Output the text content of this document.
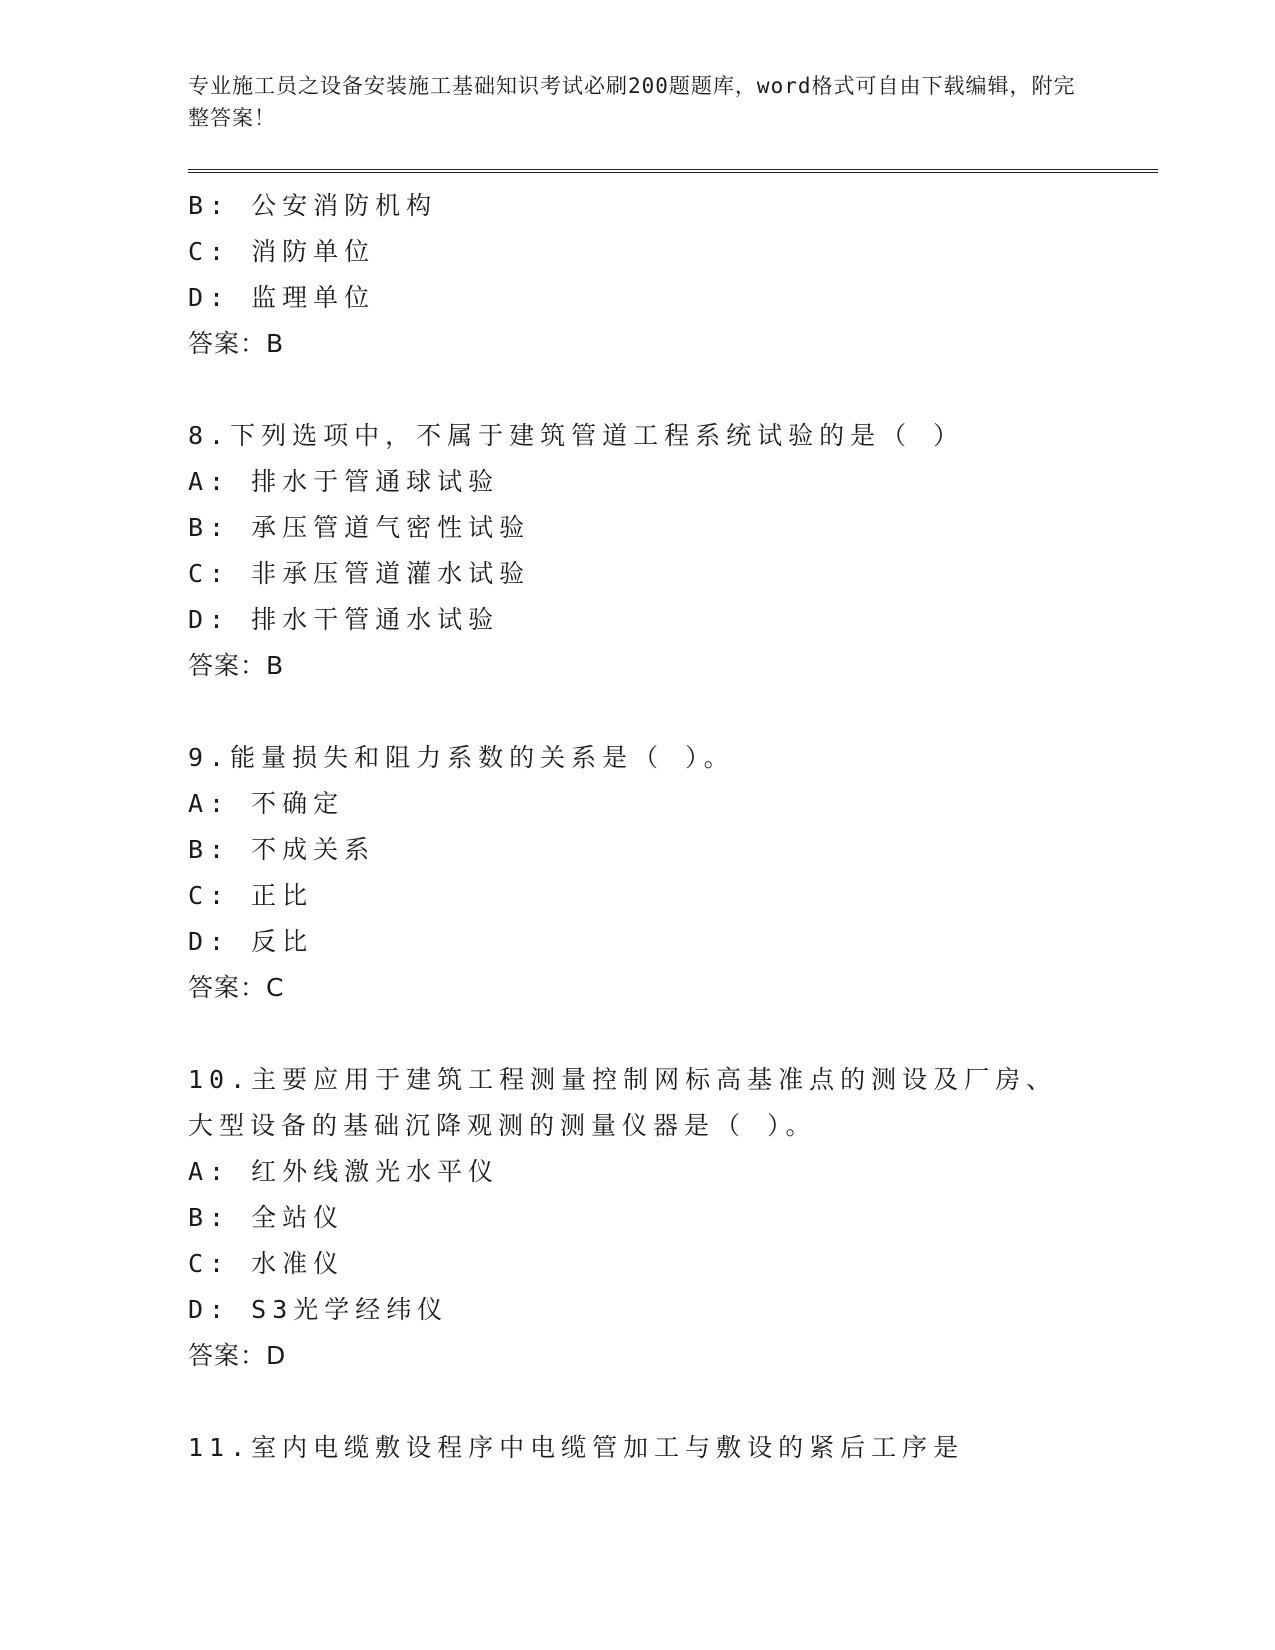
专业施工员之设备安装施工基础知识考试必刷200题题库，word格式可自由下载编辑，附完整答案！
B: 公安消防机构
C: 消防单位
D: 监理单位
答案：B
8.下列选项中，不属于建筑管道工程系统试验的是（ ）
A: 排水于管通球试验
B: 承压管道气密性试验
C: 非承压管道灌水试验
D: 排水干管通水试验
答案：B
9.能量损失和阻力系数的关系是（ ）。
A: 不确定
B: 不成关系
C: 正比
D: 反比
答案：C
10.主要应用于建筑工程测量控制网标高基准点的测设及厂房、大型设备的基础沉降观测的测量仪器是（ ）。
A: 红外线激光水平仪
B: 全站仪
C: 水准仪
D: S3光学经纬仪
答案：D
11.室内电缆敷设程序中电缆管加工与敷设的紧后工序是
